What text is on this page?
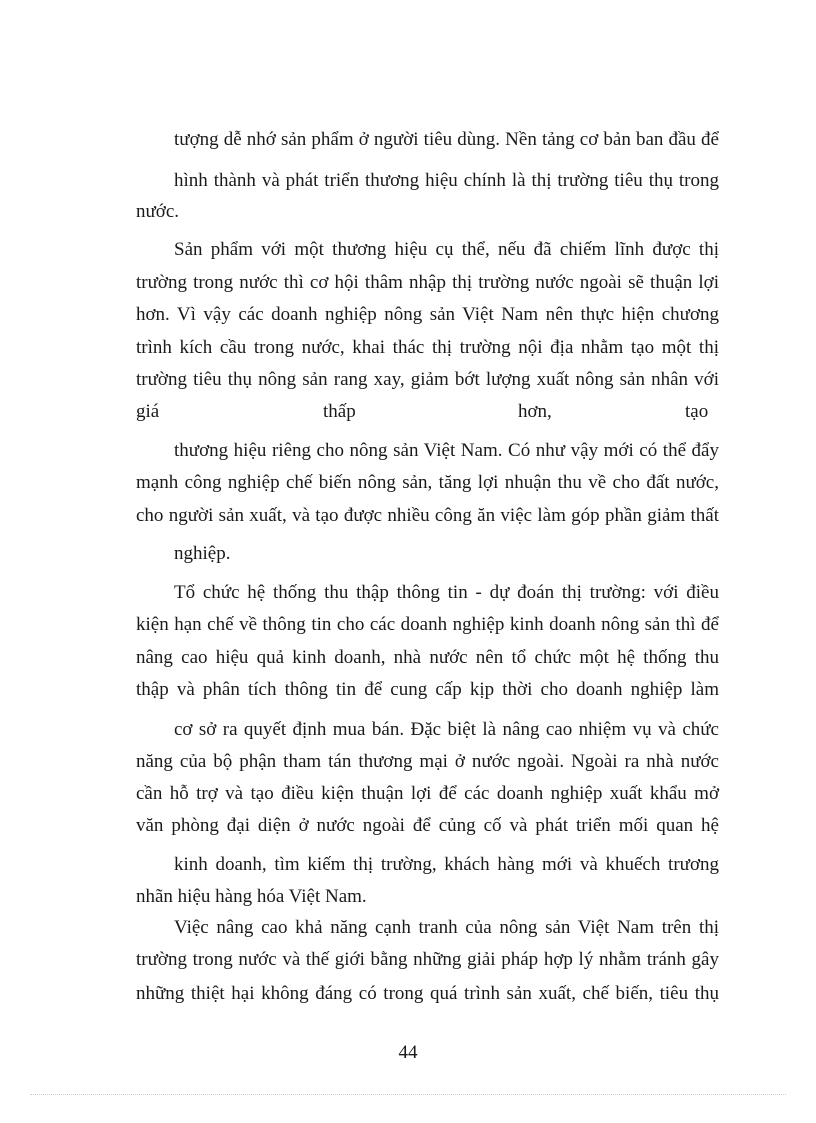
tượng dễ nhớ sản phẩm ở người tiêu dùng. Nền tảng cơ bản ban đầu để
hình thành và phát triển thương hiệu chính là thị trường tiêu thụ trong
nước.
Sản phẩm với một thương hiệu cụ thể, nếu đã chiếm lĩnh được thị
trường trong nước thì cơ hội thâm nhập thị trường nước ngoài sẽ thuận lợi
hơn. Vì vậy các doanh nghiệp nông sản Việt Nam nên thực hiện chương
trình kích cầu trong nước, khai thác thị trường nội địa nhằm tạo một thị
trường tiêu thụ nông sản rang xay, giảm bớt lượng xuất nông sản nhân với
giá	thấp	hơn,	tạo
thương hiệu riêng cho nông sản Việt Nam. Có như vậy mới có thể đẩy
mạnh công nghiệp chế biến nông sản, tăng lợi nhuận thu về cho đất nước,
cho người sản xuất, và tạo được nhiều công ăn việc làm góp phần giảm thất
nghiệp.
Tổ chức hệ thống thu thập thông tin - dự đoán thị trường: với điều
kiện hạn chế về thông tin cho các doanh nghiệp kinh doanh nông sản thì để
nâng cao hiệu quả kinh doanh, nhà nước nên tổ chức một hệ thống thu
thập và phân tích thông tin để cung cấp kịp thời cho doanh nghiệp làm
cơ sở ra quyết định mua bán. Đặc biệt là nâng cao nhiệm vụ và chức
năng của bộ phận tham tán thương mại ở nước ngoài. Ngoài ra nhà nước
cần hỗ trợ và tạo điều kiện thuận lợi để các doanh nghiệp xuất khẩu mở
văn phòng đại diện ở nước ngoài để củng cố và phát triển mối quan hệ
kinh doanh, tìm kiếm thị trường, khách hàng mới và khuếch trương
nhãn hiệu hàng hóa Việt Nam.
Việc nâng cao khả năng cạnh tranh của nông sản Việt Nam trên thị
trường trong nước và thế giới bằng những giải pháp hợp lý nhằm tránh gây
những thiệt hại không đáng có trong quá trình sản xuất, chế biến, tiêu thụ
44
